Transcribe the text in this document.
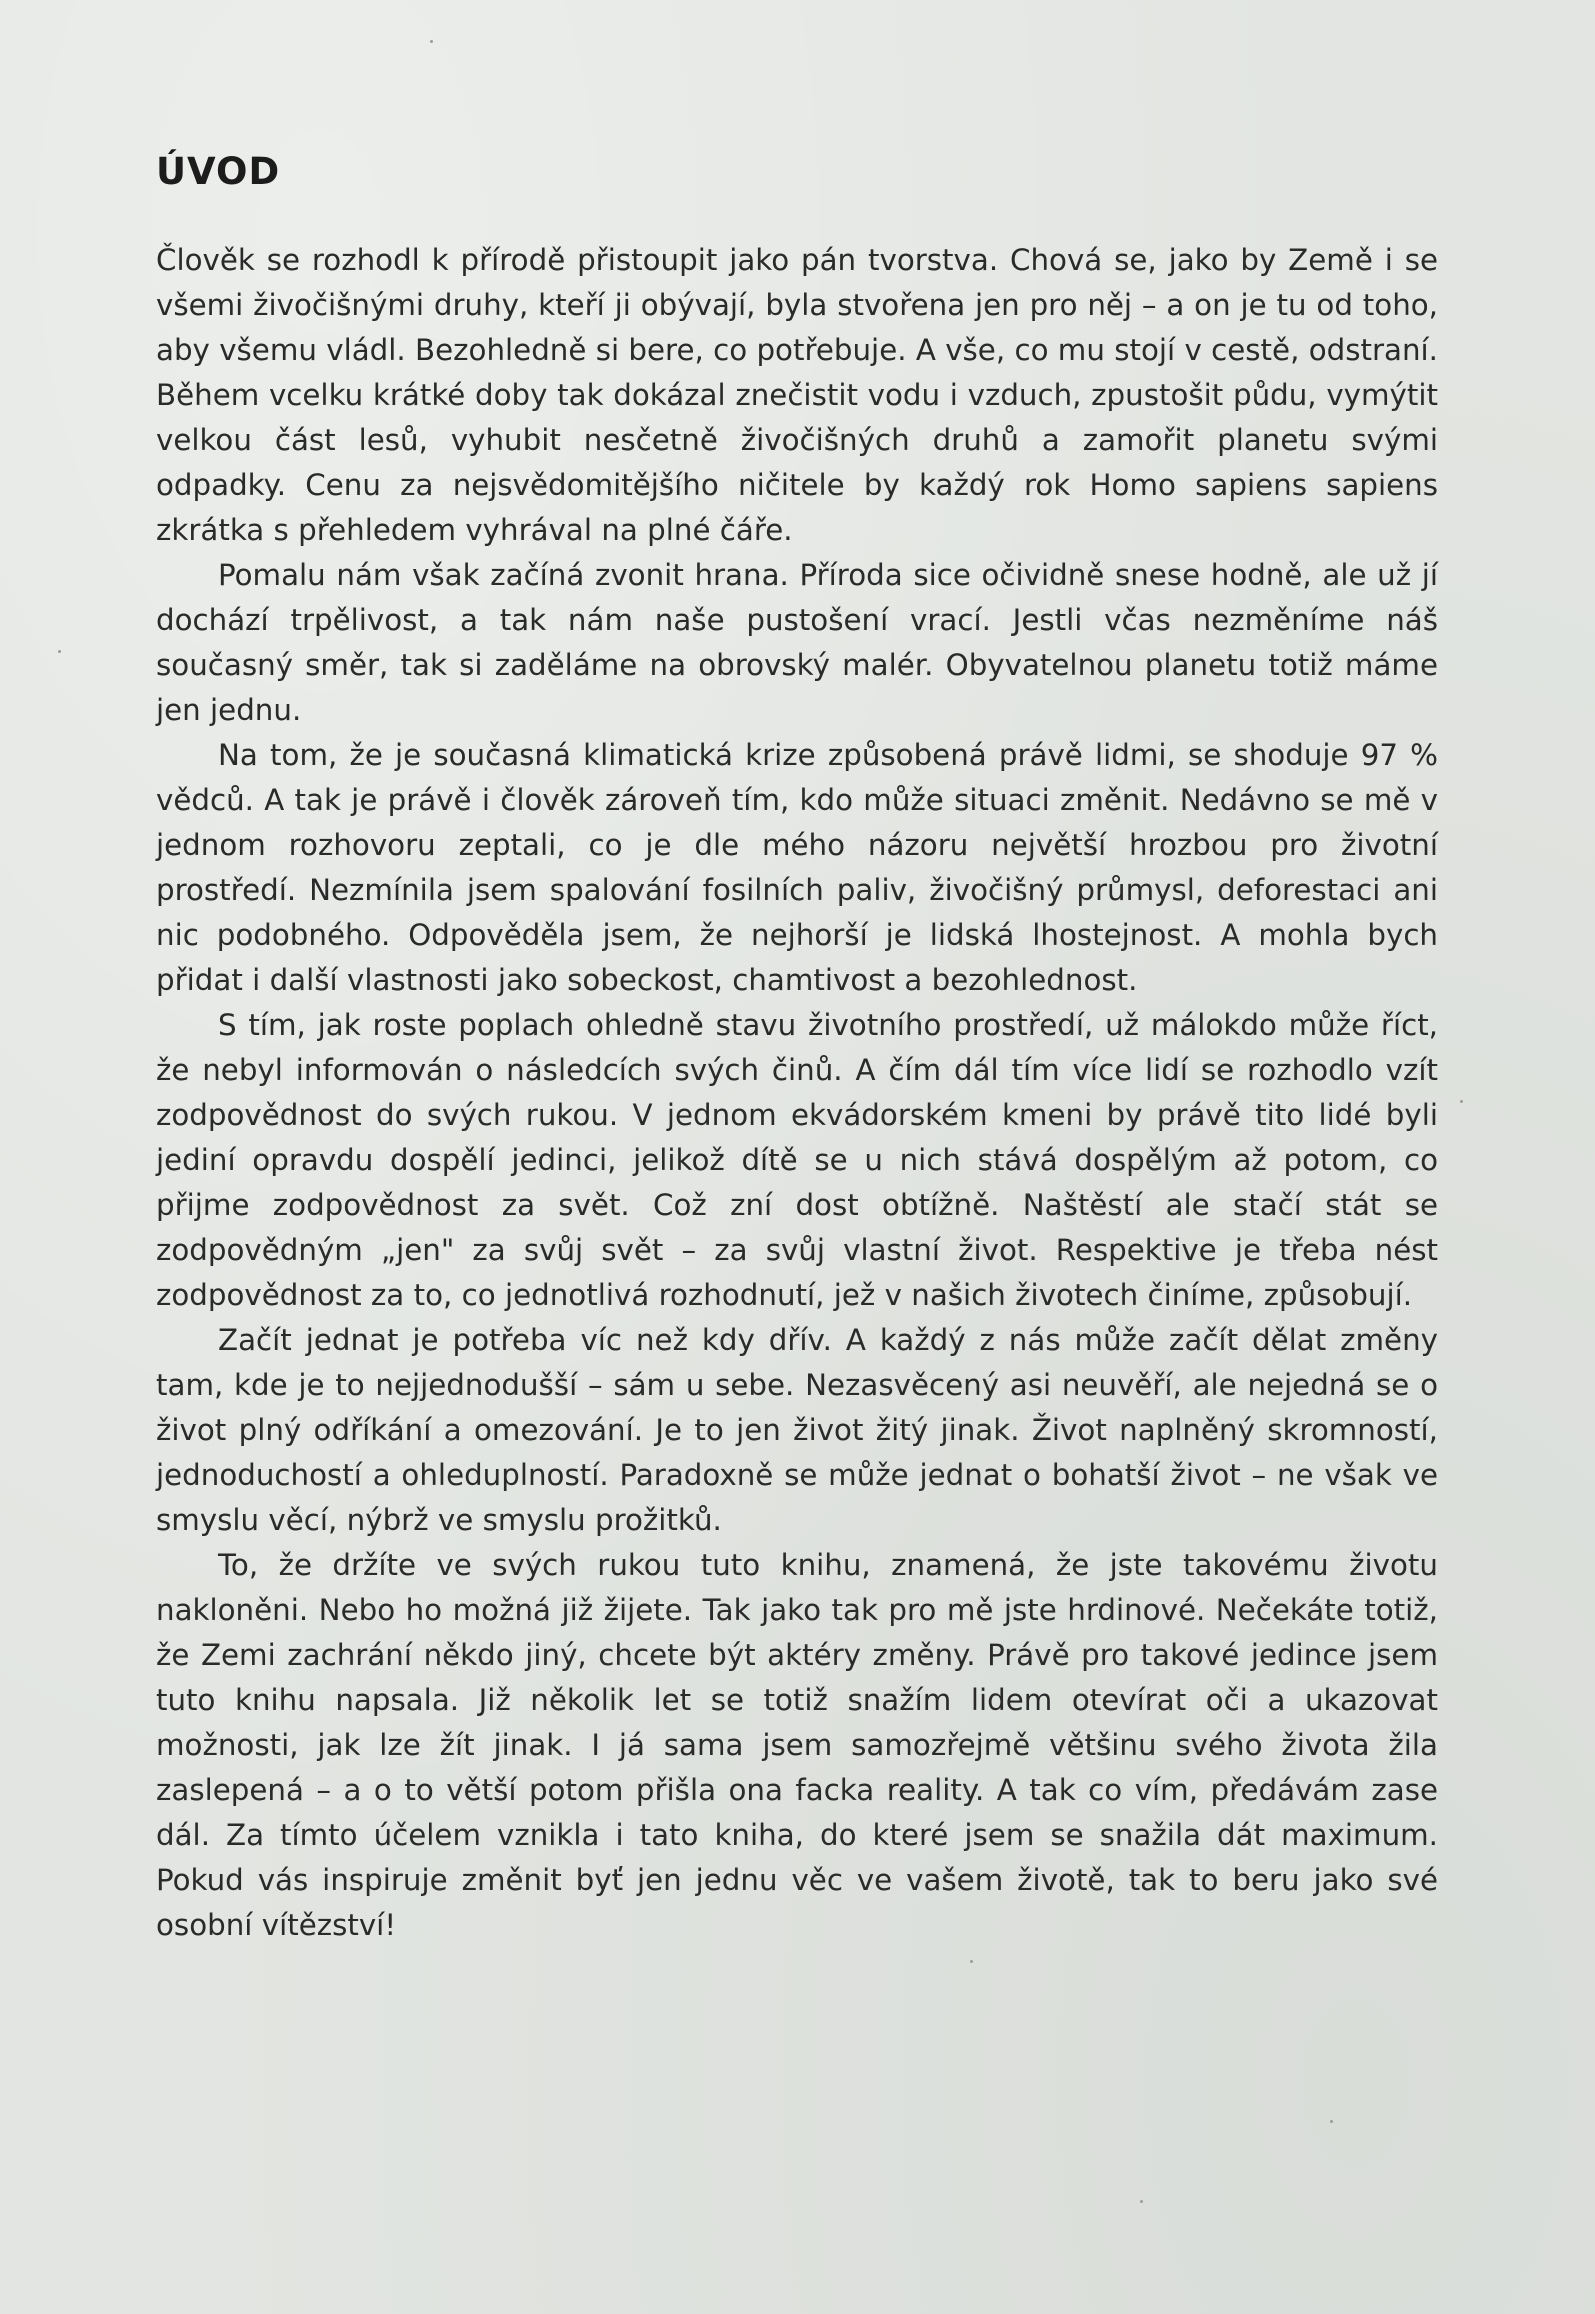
ÚVOD

Člověk se rozhodl k přírodě přistoupit jako pán tvorstva. Chová se, jako by Země i se všemi živočišnými druhy, kteří ji obývají, byla stvořena jen pro něj – a on je tu od toho, aby všemu vládl. Bezohledně si bere, co potřebuje. A vše, co mu stojí v cestě, odstraní. Během vcelku krátké doby tak dokázal znečistit vodu i vzduch, zpustošit půdu, vymýtit velkou část lesů, vyhubit nesčetně živočišných druhů a zamořit planetu svými odpadky. Cenu za nejsvědomitějšího ničitele by každý rok Homo sapiens sapiens zkrátka s přehledem vyhrával na plné čáře.

Pomalu nám však začíná zvonit hrana. Příroda sice očividně snese hodně, ale už jí dochází trpělivost, a tak nám naše pustošení vrací. Jestli včas nezměníme náš současný směr, tak si zaděláme na obrovský malér. Obyvatelnou planetu totiž máme jen jednu.

Na tom, že je současná klimatická krize způsobená právě lidmi, se shoduje 97 % vědců. A tak je právě i člověk zároveň tím, kdo může situaci změnit. Nedávno se mě v jednom rozhovoru zeptali, co je dle mého názoru největší hrozbou pro životní prostředí. Nezmínila jsem spalování fosilních paliv, živočišný průmysl, deforestaci ani nic podobného. Odpověděla jsem, že nejhorší je lidská lhostejnost. A mohla bych přidat i další vlastnosti jako sobeckost, chamtivost a bezohlednost.

S tím, jak roste poplach ohledně stavu životního prostředí, už málokdo může říct, že nebyl informován o následcích svých činů. A čím dál tím více lidí se rozhodlo vzít zodpovědnost do svých rukou. V jednom ekvádorském kmeni by právě tito lidé byli jediní opravdu dospělí jedinci, jelikož dítě se u nich stává dospělým až potom, co přijme zodpovědnost za svět. Což zní dost obtížně. Naštěstí ale stačí stát se zodpovědným „jen" za svůj svět – za svůj vlastní život. Respektive je třeba nést zodpovědnost za to, co jednotlivá rozhodnutí, jež v našich životech činíme, způsobují.

Začít jednat je potřeba víc než kdy dřív. A každý z nás může začít dělat změny tam, kde je to nejjednodušší – sám u sebe. Nezasvěcený asi neuvěří, ale nejedná se o život plný odříkání a omezování. Je to jen život žitý jinak. Život naplněný skromností, jednoduchostí a ohleduplností. Paradoxně se může jednat o bohatší život – ne však ve smyslu věcí, nýbrž ve smyslu prožitků.

To, že držíte ve svých rukou tuto knihu, znamená, že jste takovému životu nakloněni. Nebo ho možná již žijete. Tak jako tak pro mě jste hrdinové. Nečekáte totiž, že Zemi zachrání někdo jiný, chcete být aktéry změny. Právě pro takové jedince jsem tuto knihu napsala. Již několik let se totiž snažím lidem otevírat oči a ukazovat možnosti, jak lze žít jinak. I já sama jsem samozřejmě většinu svého života žila zaslepená – a o to větší potom přišla ona facka reality. A tak co vím, předávám zase dál. Za tímto účelem vznikla i tato kniha, do které jsem se snažila dát maximum. Pokud vás inspiruje změnit byť jen jednu věc ve vašem životě, tak to beru jako své osobní vítězství!
